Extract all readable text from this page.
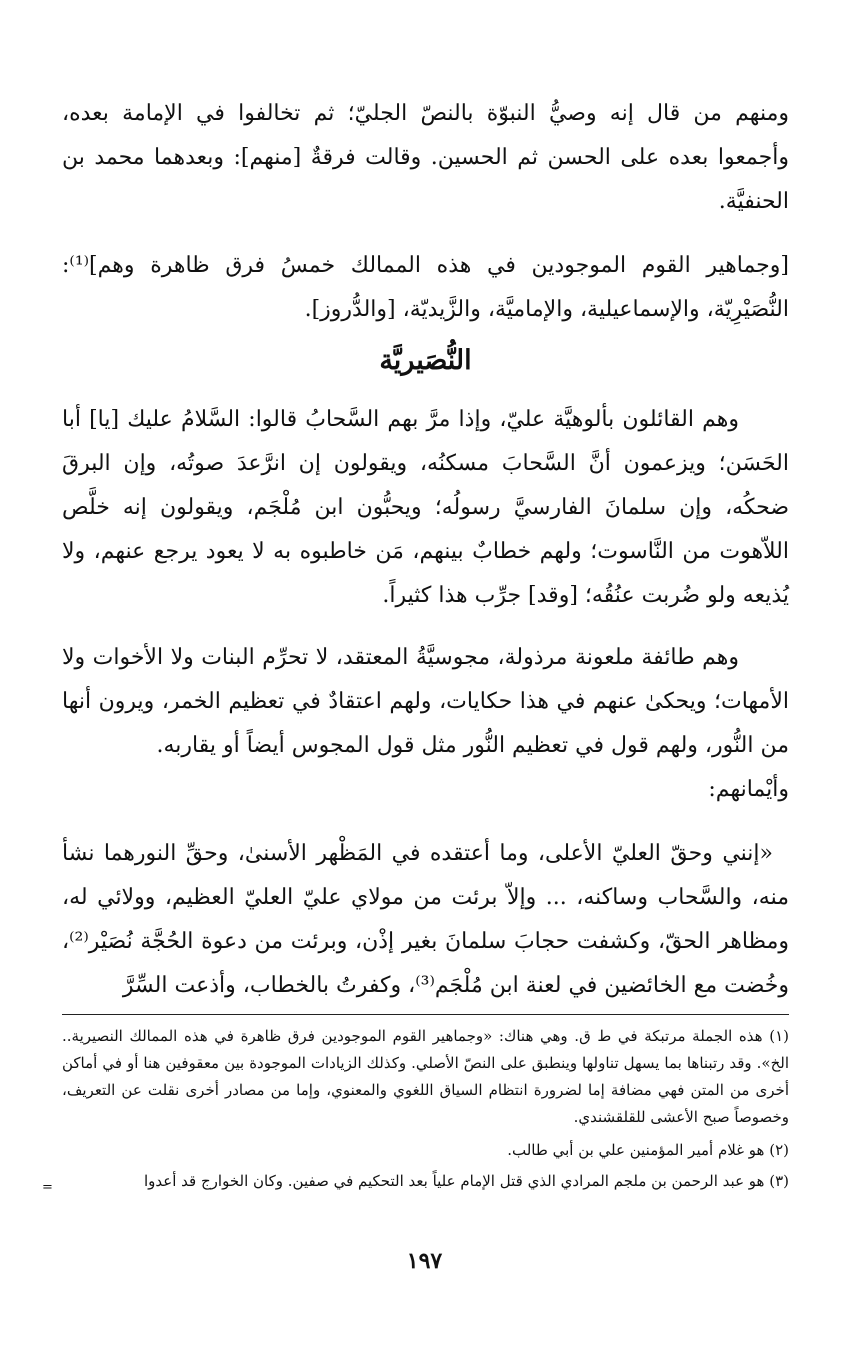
ومنهم من قال إنه وصيُّ النبوّة بالنصّ الجليّ؛ ثم تخالفوا في الإمامة بعده، وأجمعوا بعده على الحسن ثم الحسين. وقالت فرقةٌ [منهم]: وبعدهما محمد بن الحنفيَّة.

[وجماهير القوم الموجودين في هذه الممالك خمسُ فرق ظاهرة وهم]⁽¹⁾: النُّصَيْرِيّة، والإسماعيلية، والإماميَّة، والزَّيديّة، [والدُّروز].

النُّصَيريَّة

وهم القائلون بألوهيَّة عليّ، وإذا مرَّ بهم السَّحابُ قالوا: السَّلامُ عليك [يا] أبا الحَسَن؛ ويزعمون أنَّ السَّحابَ مسكنُه، ويقولون إن انرَّعدَ صوتُه، وإن البرقَ ضحكُه، وإن سلمانَ الفارسيَّ رسولُه؛ ويحبُّون ابن مُلْجَم، ويقولون إنه خلَّص اللاّهوت من النَّاسوت؛ ولهم خطابٌ بينهم، مَن خاطبوه به لا يعود يرجع عنهم، ولا يُذيعه ولو ضُربت عنُقُه؛ [وقد] جرِّب هذا كثيراً.

وهم طائفة ملعونة مرذولة، مجوسيَّةُ المعتقد، لا تحرِّم البنات ولا الأخوات ولا الأمهات؛ ويحكىٰ عنهم في هذا حكايات، ولهم اعتقادٌ في تعظيم الخمر، ويرون أنها من النُّور، ولهم قول في تعظيم النُّور مثل قول المجوس أيضاً أو يقاربه.

وأيْمانهم:

«إنني وحقّ العليّ الأعلى، وما أعتقده في المَظْهر الأسنىٰ، وحقِّ النورهما نشأ منه، والسَّحاب وساكنه، ... وإلاّ برئت من مولاي عليّ العليّ العظيم، وولائي له، ومظاهر الحقّ، وكشفت حجابَ سلمانَ بغير إذْن، وبرئت من دعوة الحُجَّة نُصَيْر⁽²⁾، وخُضت مع الخائضين في لعنة ابن مُلْجَم⁽³⁾، وكفرتُ بالخطاب، وأذعت السِّرَّ

(١) هذه الجملة مرتبكة في ط ق. وهي هناك: «وجماهير القوم الموجودين فرق ظاهرة في هذه الممالك النصيرية.. الخ». وقد رتبناها بما يسهل تناولها وينطبق على النصّ الأصلي. وكذلك الزيادات الموجودة بين معقوفين هنا أو في أماكن أخرى من المتن فهي مضافة إما لضرورة انتظام السياق اللغوي والمعنوي، وإما من مصادر أخرى نقلت عن التعريف، وخصوصاً صبح الأعشى للقلقشندي.

(٢) هو غلام أمير المؤمنين علي بن أبي طالب.

(٣) هو عبد الرحمن بن ملجم المرادي الذي قتل الإمام علياً بعد التحكيم في صفين. وكان الخوارج قد أعدوا
=

١٩٧
